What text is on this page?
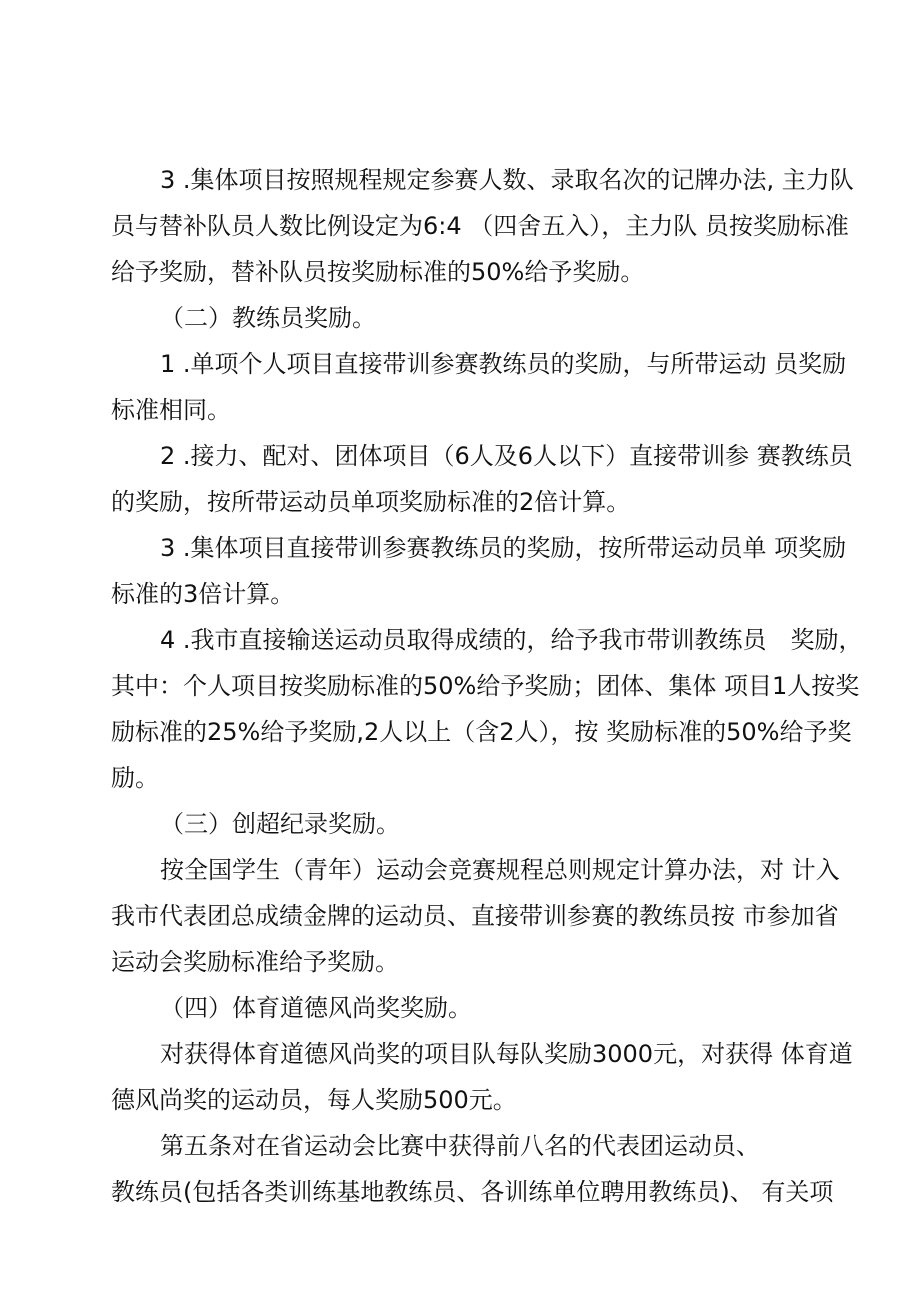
3 .集体项目按照规程规定参赛人数、录取名次的记牌办法, 主力队
员与替补队员人数比例设定为6:4 （四舍五入），主力队 员按奖励标准
给予奖励，替补队员按奖励标准的50%给予奖励。
（二）教练员奖励。
1 .单项个人项目直接带训参赛教练员的奖励，与所带运动 员奖励
标准相同。
2 .接力、配对、团体项目（6人及6人以下）直接带训参 赛教练员
的奖励，按所带运动员单项奖励标准的2倍计算。
3 .集体项目直接带训参赛教练员的奖励，按所带运动员单 项奖励
标准的3倍计算。
4 .我市直接输送运动员取得成绩的，给予我市带训教练员　奖励，
其中：个人项目按奖励标准的50%给予奖励；团体、集体 项目1人按奖
励标准的25%给予奖励,2人以上（含2人），按 奖励标准的50%给予奖
励。
（三）创超纪录奖励。
按全国学生（青年）运动会竞赛规程总则规定计算办法，对 计入
我市代表团总成绩金牌的运动员、直接带训参赛的教练员按 市参加省
运动会奖励标准给予奖励。
（四）体育道德风尚奖奖励。
对获得体育道德风尚奖的项目队每队奖励3000元，对获得 体育道
德风尚奖的运动员，每人奖励500元。
第五条对在省运动会比赛中获得前八名的代表团运动员、
教练员(包括各类训练基地教练员、各训练单位聘用教练员)、 有关项
